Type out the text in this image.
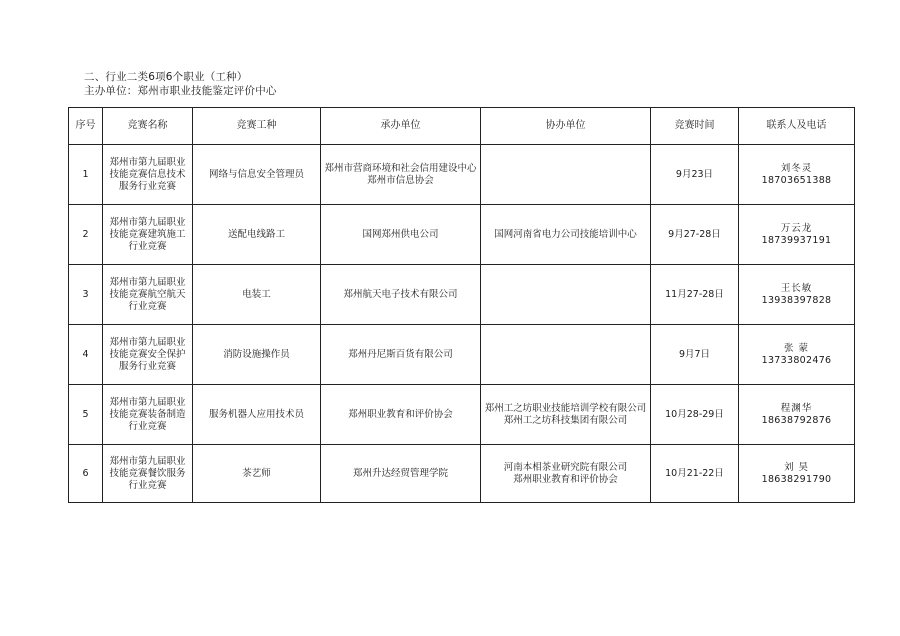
二、行业二类6项6个职业（工种）
主办单位：郑州市职业技能鉴定评价中心
序号	竞赛名称	竞赛工种	承办单位	协办单位	竞赛时间	联系人及电话
1	郑州市第九届职业技能竞赛信息技术服务行业竞赛	网络与信息安全管理员	郑州市营商环境和社会信用建设中心
郑州市信息协会		9月23日	刘冬灵
18703651388

2	郑州市第九届职业技能竞赛建筑施工行业竞赛	送配电线路工	国网郑州供电公司	国网河南省电力公司技能培训中心	9月27-28日	万云龙
18739937191

3	郑州市第九届职业技能竞赛航空航天行业竞赛	电装工	郑州航天电子技术有限公司		11月27-28日	王长敏
13938397828

4	郑州市第九届职业技能竞赛安全保护服务行业竞赛	消防设施操作员	郑州丹尼斯百货有限公司		9月7日	张 蒙
13733802476

5	郑州市第九届职业技能竞赛装备制造行业竞赛	服务机器人应用技术员	郑州职业教育和评价协会	郑州工之坊职业技能培训学校有限公司
郑州工之坊科技集团有限公司	10月28-29日	程渊华
18638792876

6	郑州市第九届职业技能竞赛餐饮服务行业竞赛	茶艺师	郑州升达经贸管理学院	河南本相茶业研究院有限公司
郑州职业教育和评价协会	10月21-22日	刘 昊
18638291790
